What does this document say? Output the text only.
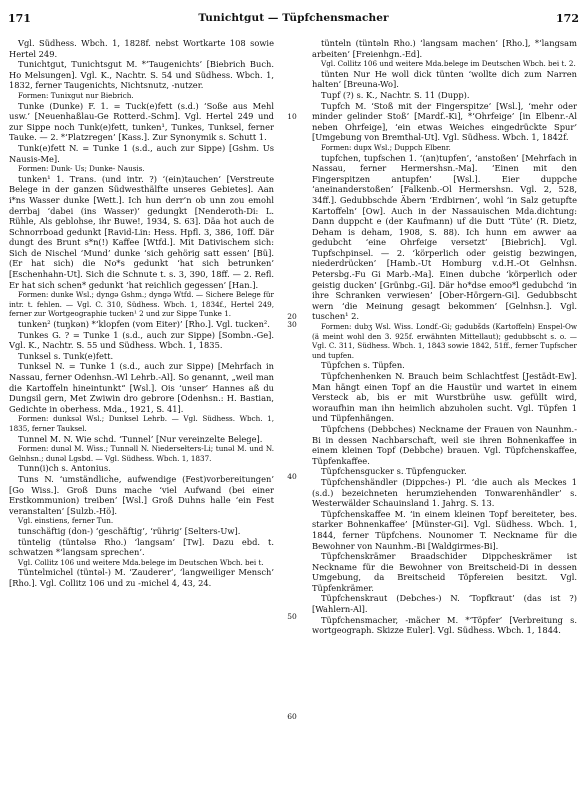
171	Tunichtgut — Tüpfchensmacher	172

Vgl. Südhess. Wbch. 1, 1828f. nebst Wortkarte 108 sowie Hertel 249.

Tunichtgut, Tunichtsgut M. *‘Taugenichts’ [Biebrich Buch. Ho Melsungen]. Vgl. K., Nachtr. S. 54 und Südhess. Wbch. 1, 1832, ferner Taugenichts, Nichtsnutz, -nutzer.

Formen: Tunixgut nur Biebrich.

Tunke (Dunke) F. 1. = Tuck(e)fett (s.d.) ‘Soße aus Mehl usw.’ [Neuenhaßlau-Ge Rotterd.-Schm]. Vgl. Hertel 249 und zur Sippe noch Tunk(e)fett, tunken¹, Tunkes, Tunksel, ferner Tauke. — 2. *‘Platzregen’ [Kass.]. Zur Synonymik s. Schutt 1.

Tunk(e)fett N. = Tunke 1 (s.d., auch zur Sippe) [Gshm. Us Nausis-Me].

Formen: Dunk- Us; Dunke- Nausis.

tunken¹ 1. Trans. (und intr. ?) ‘(ein)tauchen’ [Verstreute Belege in der ganzen Südwesthälfte unseres Gebietes]. Aan i*ns Wasser dunke [Wett.]. Ich hun derr’n ob unn zou emohl derrbaj ‘dabei (ins Wasser)’ gedungkt [Nenderoth-Di: L. Rühle, Als geblohse, ihr Buwe!, 1934, S. 63]. Däa hot auch de Schnorrboad gedunkt [Ravid-Lin: Hess. Hpfl. 3, 386, 10ff. Där dungt des Brunt s*n(!) Kaffee [Wtfd.]. Mit Dativischem sich: Sich de Nischel ‘Mund’ dunke ‘sich gehörig satt essen’ [Bü]. (Er hat sich) die No*s gedunkt ‘hat sich betrunken’ [Eschenhahn-Ut]. Sich die Schnute t. s. 3, 390, 18ff. — 2. Refl. Er hat sich schen* gedunkt ‘hat reichlich gegessen’ [Han.].

Formen: dunke Wsl.; dyngə Gshm.; dyngə Wtfd. — Sichere Belege für intr. t. fehlen. — Vgl. C. 310, Südhess. Wbch. 1, 1834f., Hertel 249, ferner zur Wortgeographie tucken¹ 2 und zur Sippe Tunke 1.

tunken² (tuŋkən) *‘klopfen (vom Eiter)’ [Rho.]. Vgl. tucken².

Tunkes G. ? = Tunke 1 (s.d., auch zur Sippe) [Sombn.-Ge]. Vgl. K., Nachtr. S. 55 und Südhess. Wbch. 1, 1835.

Tunksel s. Tunk(e)fett.

Tunksel N. = Tunke 1 (s.d., auch zur Sippe) [Mehrfach in Nassau, ferner Odenhsn.-Wl Lehrb.-Al]. So genannt, „weil man die Kartoffeln hineintunkt“ [Wsl.]. Ois ‘unser’ Hannes aß du Dungsil gern, Met Zwiwin dro gebrore [Odenhsn.: H. Bastian, Gedichte in oberhess. Mda., 1921, S. 41].

Formen: dunksəl Wsl.; Dunksel Lehrb. — Vgl. Südhess. Wbch. 1, 1835, ferner Tauksel.

Tunnel M. N. Wie schd. ‘Tunnel’ [Nur vereinzelte Belege].

Formen: dunəl M. Wiss.; Tunnəll N. Niedersełters-Li; tunəl M. und N. Gelnhsn.; dunəl Lgsbd. — Vgl. Südhess. Wbch. 1, 1837.

Tunn(i)ch s. Antonius.

Tuns N. ‘umständliche, aufwendige (Fest)vorbereitungen’ [Go Wiss.]. Groß Duns mache ‘viel Aufwand (bei einer Erstkommunion) treiben’ [Wsl.] Groß Duhns halle ‘ein Fest veranstalten’ [Sulzb.-Hö].

Vgl. einstiens, ferner Tun.

tunschäftig (don-) ‘geschäftig’, ‘rührig’ [Selters-Uw].

tüntelig (tüntəlsə Rho.) ‘langsam’ [Tw]. Dazu ebd. t. schwatzen *‘langsam sprechen’.

Vgl. Collitz 106 und weitere Mda.belege im Deutschen Wbch. bei t.

Tüntelmichel (tüntəl-) M. ‘Zauderer’, ‘langweiliger Mensch’ [Rho.]. Vgl. Collitz 106 und zu -michel 4, 43, 24.

10
20
30
40
50
60

tünteln (tüntəln Rho.) ‘langsam machen’ [Rho.], *‘langsam arbeiten’ [Freienhgn.-Ed].

Vgl. Collitz 106 und weitere Mda.belege im Deutschen Wbch. bei t. 2.

tünten Nur He woll dick tünten ‘wollte dich zum Narren halten’ [Breuna-Wo].

Tupf (?) s. K., Nachtr. S. 11 (Dupp).

Tupfch M. ‘Stoß mit der Fingerspitze’ [Wsl.], ‘mehr oder minder gelinder Stoß’ [Mardf.-Ki], *‘Ohrfeige’ [in Elbenr.-Al neben Ohrfeige], ‘ein etwas Weiches eingedrückte Spur’ [Umgebung von Bremthal-Ut]. Vgl. Südhess. Wbch. 1, 1842f.

Formen: dupx Wsl.; Duppch Elbenr.

tupfchen, tupfschen 1. ‘(an)tupfen’, ‘anstoßen’ [Mehrfach in Nassau, ferner Hermershsn.-Ma]. ‘Einen mit den Fingerspitzen antupfen’ [Wsl.]. Eier duppche ‘aneinanderstoßen’ [Falkenb.-Ol Hermershsn. Vgl. 2, 528, 34ff.]. Gedubbschde Äbern ‘Erdbirnen’, wohl ‘in Salz getupfte Kartoffeln’ [Ow]. Auch in der Nassauischen Mda.dichtung: Dann duppcht e (der Kaufmann) uf die Dutt ‘Tüte’ (R. Dietz, Deham is deham, 1908, S. 88). Ich hunn em awwer aa gedubcht ‘eine Ohrfeige versetzt’ [Biebrich]. Vgl. Tupfschpinsel. — 2. ‘körperlich oder geistig bezwingen, niederdrücken’ [Hamb.-Ut Homburg v.d.H.-Ot Gelnhsn. Petersbg.-Fu Gi Marb.-Ma]. Einen dubche ‘körperlich oder geistig ducken’ [Grünbg.-Gi]. Där ho*dse emoo*l gedubchd ‘in ihre Schranken verwiesen’ [Ober-Hörgern-Gi]. Gedubbscht wern ‘die Meinung gesagt bekommen’ [Gelnhsn.]. Vgl. tuschen¹ 2.

Formen: dubʒ Wsl. Wiss. Londf.-Gi; gədubšds (Kartoffeln) Enspel-Ow (ä meint wohl den 3. 925f. erwähnten Mittellaut); gedubbscht s. o. — Vgl. C. 311, Südhess. Wbch. 1, 1843 sowie 1842, 51ff., ferner Tupfscher und tupfen.

Tüpfchen s. Tüpfen.

Tüpfchenhenken N. Brauch beim Schlachtfest [Jestädt-Ew]. Man hängt einen Topf an die Haustür und wartet in einem Versteck ab, bis er mit Wurstbrühe usw. gefüllt wird, woraufhin man ihn heimlich abzuholen sucht. Vgl. Tüpfen 1 und Tüpfenhängen.

Tüpfchens (Debbches) Neckname der Frauen von Naunhm.-Bi in dessen Nachbarschaft, weil sie ihren Bohnenkaffee in einem kleinen Topf (Debbche) brauen. Vgl. Tüpfchenskaffee, Tüpfenkaffee.

Tüpfchensgucker s. Tüpfengucker.

Tüpfchenshändler (Dippches-) Pl. ‘die auch als Meckes 1 (s.d.) bezeichneten herumziehenden Tonwarenhändler’ s. Westerwälder Schauinsland 1. Jahrg. S. 13.

Tüpfchenskaffee M. ‘in einem kleinen Topf bereiteter, bes. starker Bohnenkaffee’ [Münster-Gi]. Vgl. Südhess. Wbch. 1, 1844, ferner Tüpfchens. Nounomer T. Neckname für die Bewohner von Naunhm.-Bi [Waldgirmes-Bi].

Tüpfchenskrämer Braadschider Dippcheskrämer ist Neckname für die Bewohner von Breitscheid-Di in dessen Umgebung, da Breitscheid Töpfereien besitzt. Vgl. Tüpfenkrämer.

Tüpfchenskraut (Debches-) N. ‘Topfkraut’ (das ist ?) [Wahlern-Al].

Tüpfchensmacher, -mächer M. *‘Töpfer’ [Verbreitung s. wortgeograph. Skizze Euler]. Vgl. Südhess. Wbch. 1, 1844.
